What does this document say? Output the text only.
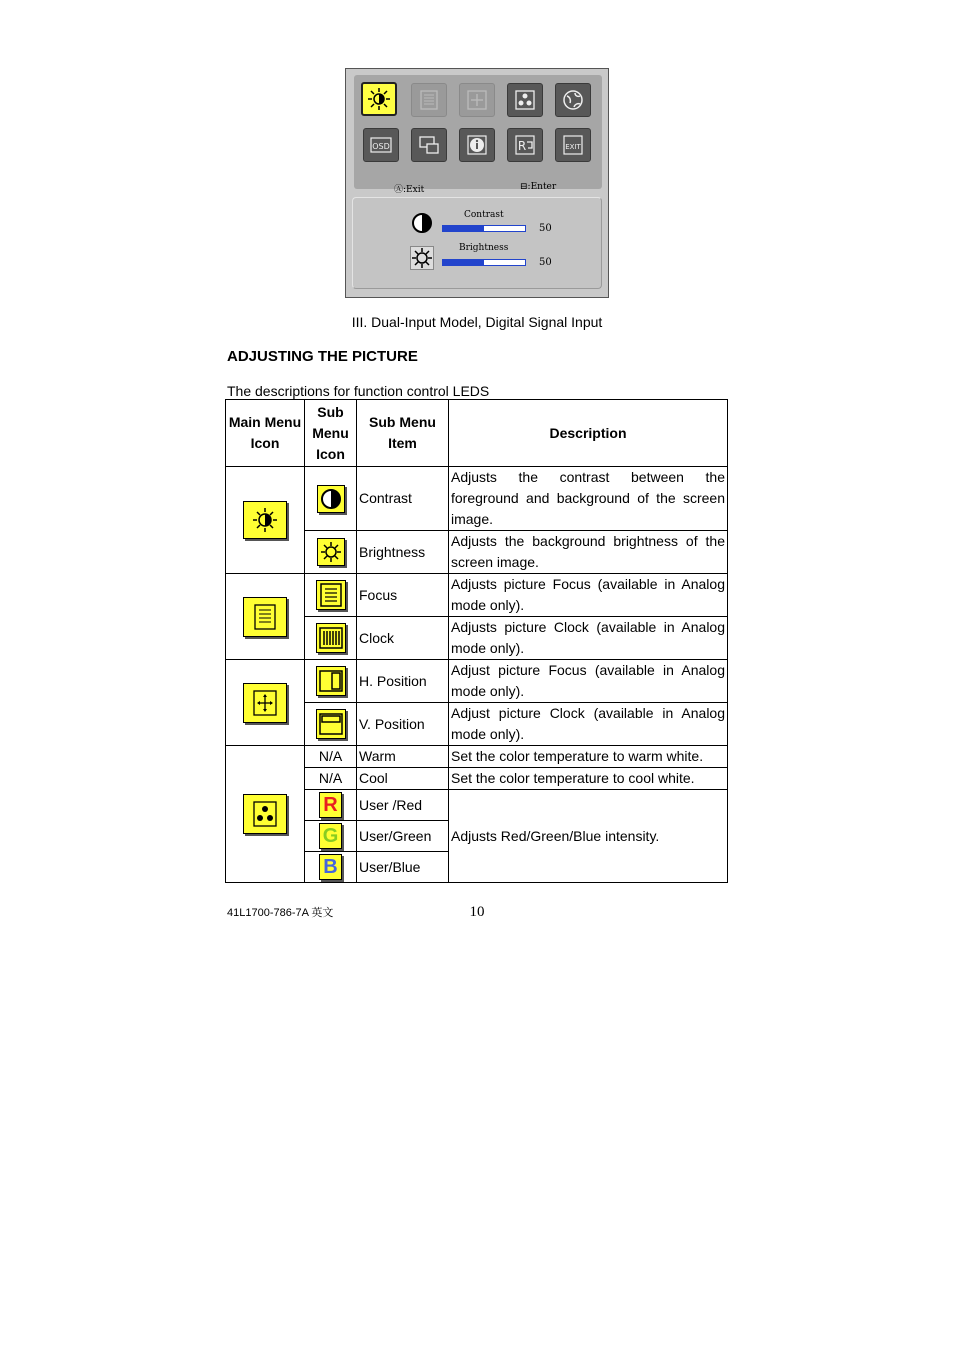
OSD	R	EXIT
Ⓐ:Exit	⊟:Enter
Contrast
50
Brightness
50
III. Dual-Input Model, Digital Signal Input
ADJUSTING THE PICTURE
The descriptions for function control LEDS
Main Menu Icon	Sub Menu Icon	Sub Menu Item	Description

	Contrast	Adjusts the contrast between the foreground and background of the screen image.

	Brightness	Adjusts the background brightness of the screen image.

	Focus	Adjusts picture Focus (available in Analog mode only).

	Clock	Adjusts picture Clock (available in Analog mode only).

	H. Position	Adjust picture Focus (available in Analog mode only).

	V. Position	Adjust picture Clock (available in Analog mode only).

	N/A	Warm	Set the color temperature to warm white.
	N/A	Cool	Set the color temperature to cool white.
	R	User /Red	Adjusts Red/Green/Blue intensity.
	G	User/Green	
	B	User/Blue	
41L1700-786-7A 英文	10
